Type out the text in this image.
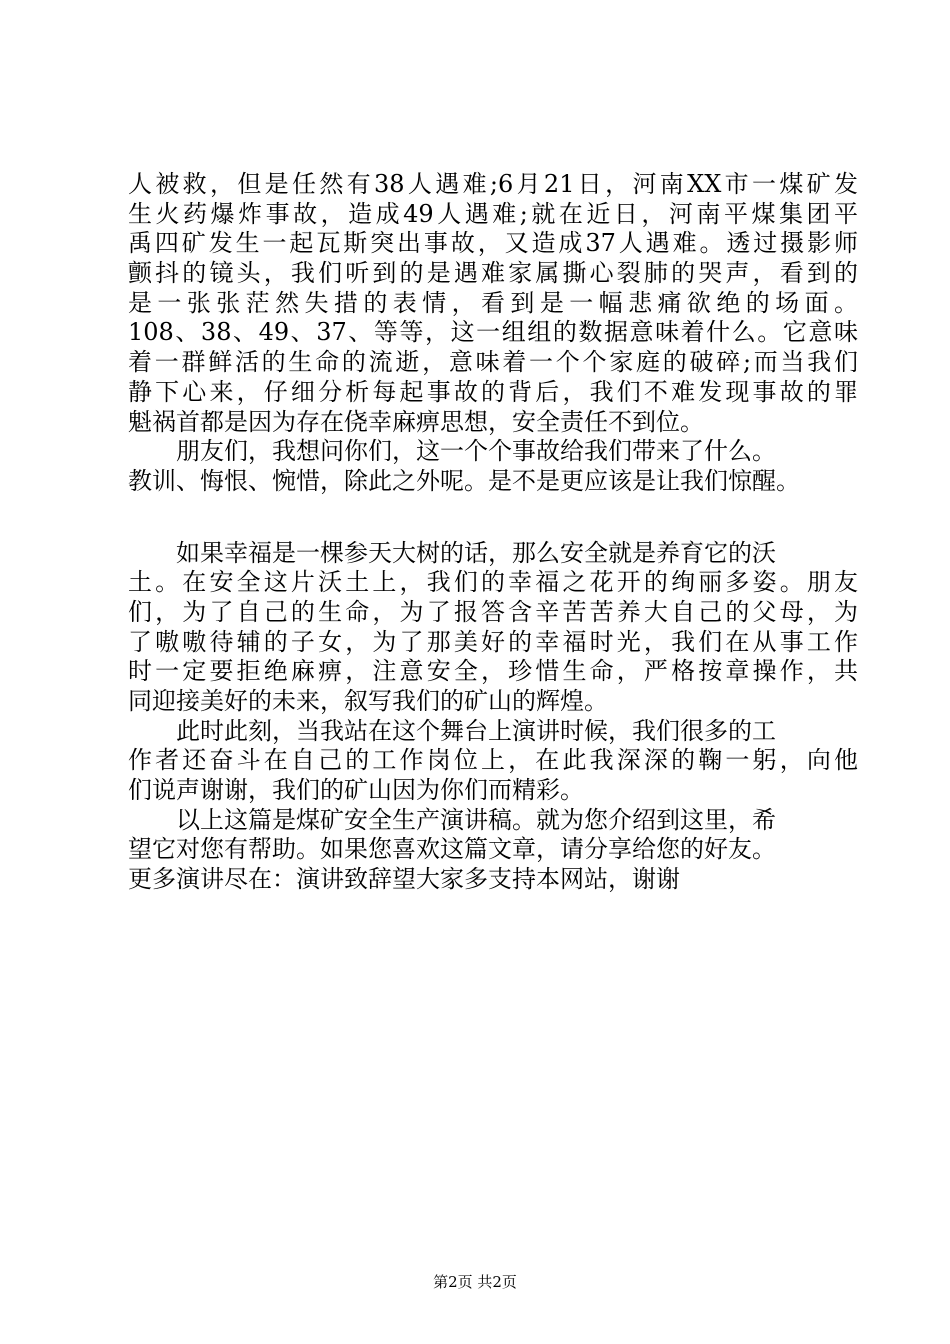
人被救，但是任然有38人遇难;6月21日，河南XX市一煤矿发
生火药爆炸事故，造成49人遇难;就在近日，河南平煤集团平
禹四矿发生一起瓦斯突出事故，又造成37人遇难。透过摄影师
颤抖的镜头，我们听到的是遇难家属撕心裂肺的哭声，看到的
是一张张茫然失措的表情，看到是一幅悲痛欲绝的场面。
108、38、49、37、等等，这一组组的数据意味着什么。它意味
着一群鲜活的生命的流逝，意味着一个个家庭的破碎;而当我们
静下心来，仔细分析每起事故的背后，我们不难发现事故的罪
魁祸首都是因为存在侥幸麻痹思想，安全责任不到位。
朋友们，我想问你们，这一个个事故给我们带来了什么。
教训、悔恨、惋惜，除此之外呢。是不是更应该是让我们惊醒。
如果幸福是一棵参天大树的话，那么安全就是养育它的沃
土。在安全这片沃土上，我们的幸福之花开的绚丽多姿。朋友
们，为了自己的生命，为了报答含辛苦苦养大自己的父母，为
了嗷嗷待辅的子女，为了那美好的幸福时光，我们在从事工作
时一定要拒绝麻痹，注意安全，珍惜生命，严格按章操作，共
同迎接美好的未来，叙写我们的矿山的辉煌。
此时此刻，当我站在这个舞台上演讲时候，我们很多的工
作者还奋斗在自己的工作岗位上，在此我深深的鞠一躬，向他
们说声谢谢，我们的矿山因为你们而精彩。
以上这篇是煤矿安全生产演讲稿。就为您介绍到这里，希
望它对您有帮助。如果您喜欢这篇文章，请分享给您的好友。
更多演讲尽在：演讲致辞望大家多支持本网站，谢谢
第2页 共2页
